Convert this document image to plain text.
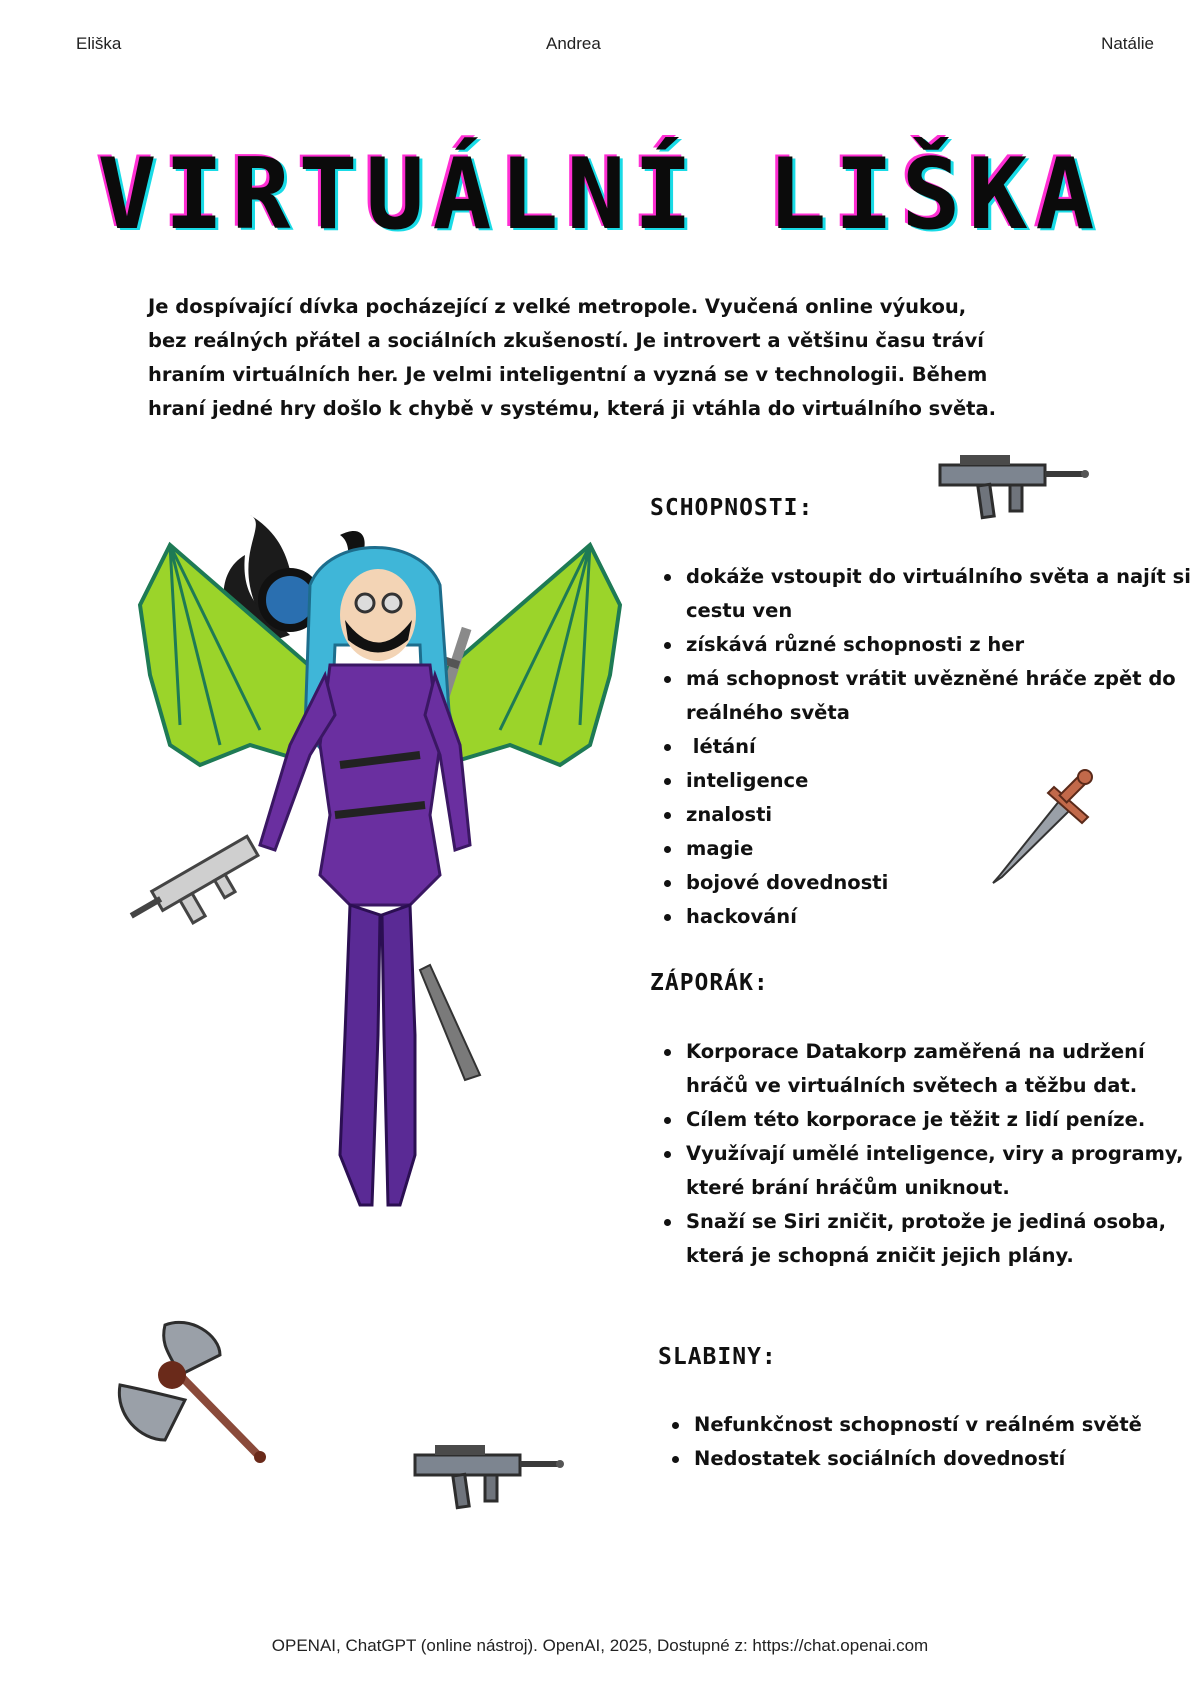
Eliška	Andrea	Natálie
VIRTUÁLNÍ LIŠKA

Je dospívající dívka pocházející z velké metropole. Vyučená online výukou, bez reálných přátel a sociálních zkušeností. Je introvert a většinu času tráví hraním virtuálních her. Je velmi inteligentní a vyzná se v technologii. Během hraní jedné hry došlo k chybě v systému, která ji vtáhla do virtuálního světa.

SCHOPNOSTI:
dokáže vstoupit do virtuálního světa a najít si cestu ven
získává různé schopnosti z her
má schopnost vrátit uvězněné hráče zpět do reálného světa
létání
inteligence
znalosti
magie
bojové dovednosti
hackování
ZÁPORÁK:
Korporace Datakorp zaměřená na udržení hráčů ve virtuálních světech a těžbu dat.
Cílem této korporace je těžit z lidí peníze.
Využívají umělé inteligence, viry a programy, které brání hráčům uniknout.
Snaží se Siri zničit, protože je jediná osoba, která je schopná zničit jejich plány.
SLABINY:
Nefunkčnost schopností v reálném světě
Nedostatek sociálních dovedností
OPENAI, ChatGPT (online nástroj). OpenAI, 2025, Dostupné z: https://chat.openai.com
